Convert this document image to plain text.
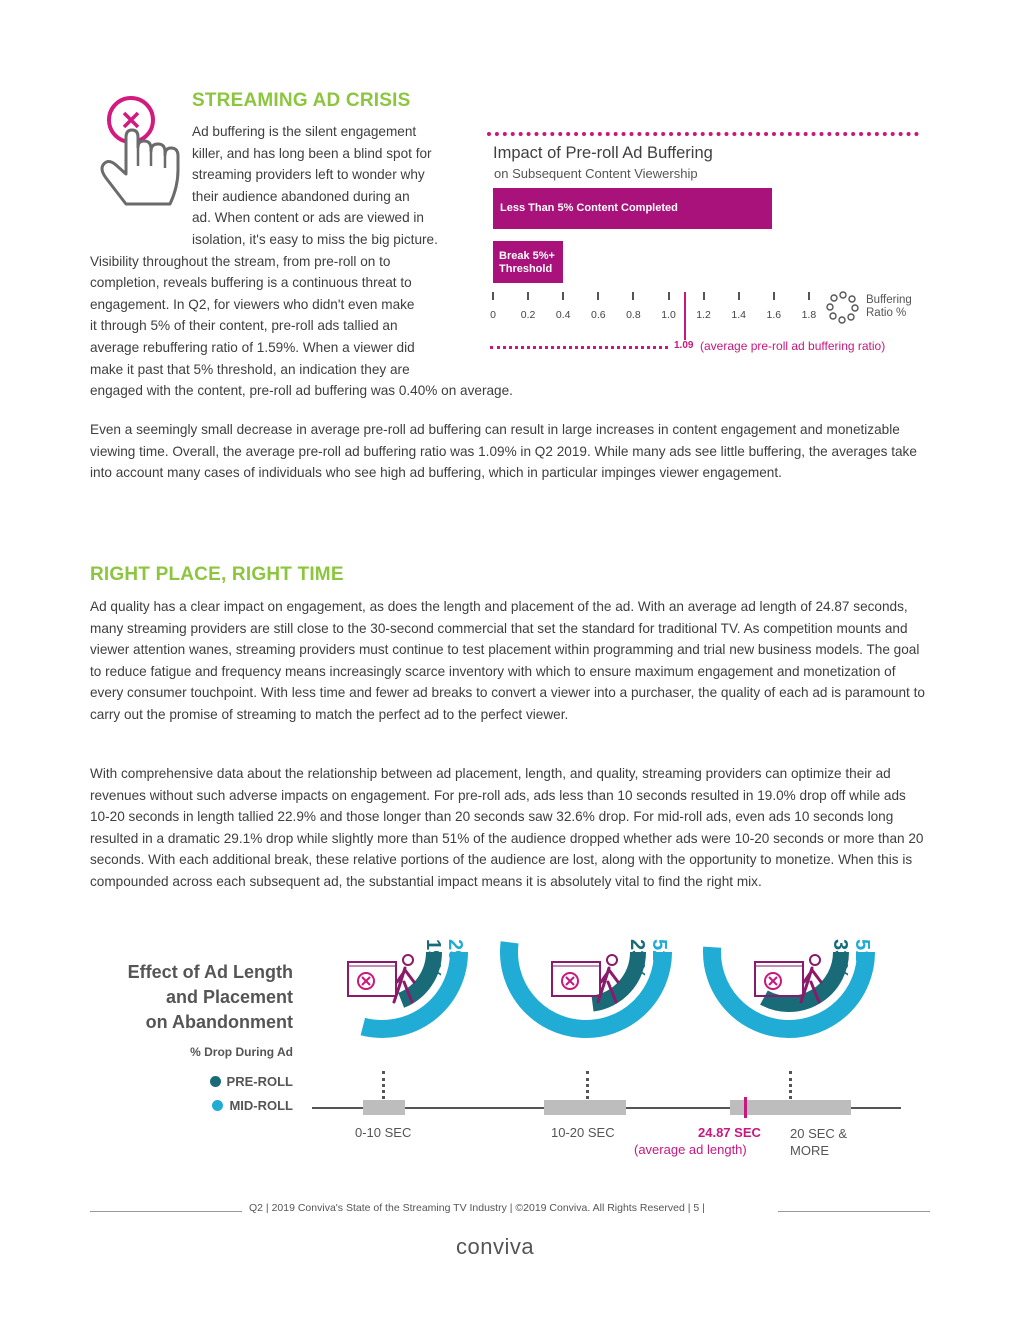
STREAMING AD CRISIS
Ad buffering is the silent engagement
killer, and has long been a blind spot for
streaming providers left to wonder why
their audience abandoned during an
ad. When content or ads are viewed in
isolation, it's easy to miss the big picture.
Visibility throughout the stream, from pre-roll on to
completion, reveals buffering is a continuous threat to
engagement. In Q2, for viewers who didn't even make
it through 5% of their content, pre-roll ads tallied an
average rebuffering ratio of 1.59%. When a viewer did
make it past that 5% threshold, an indication they are
engaged with the content, pre-roll ad buffering was 0.40% on average.
Impact of Pre-roll Ad Buffering
on Subsequent Content Viewership
Less Than 5% Content Completed
Break 5%+
Threshold
0 0.2 0.4 0.6 0.8 1.0 1.2 1.4 1.6 1.8
Buffering
Ratio %
1.09 (average pre-roll ad buffering ratio)

Even a seemingly small decrease in average pre-roll ad buffering can result in large increases in content engagement and monetizable viewing time. Overall, the average pre-roll ad buffering ratio was 1.09% in Q2 2019. While many ads see little buffering, the averages take into account many cases of individuals who see high ad buffering, which in particular impinges viewer engagement.

RIGHT PLACE, RIGHT TIME

Ad quality has a clear impact on engagement, as does the length and placement of the ad. With an average ad length of 24.87 seconds, many streaming providers are still close to the 30-second commercial that set the standard for traditional TV. As competition mounts and viewer attention wanes, streaming providers must continue to test placement within programming and trial new business models. The goal to reduce fatigue and frequency means increasingly scarce inventory with which to ensure maximum engagement and monetization of every consumer touchpoint. With less time and fewer ad breaks to convert a viewer into a purchaser, the quality of each ad is paramount to carry out the promise of streaming to match the perfect ad to the perfect viewer.

With comprehensive data about the relationship between ad placement, length, and quality, streaming providers can optimize their ad revenues without such adverse impacts on engagement. For pre-roll ads, ads less than 10 seconds resulted in 19.0% drop off while ads 10-20 seconds in length tallied 22.9% and those longer than 20 seconds saw 32.6% drop. For mid-roll ads, even ads 10 seconds long resulted in a dramatic 29.1% drop while slightly more than 51% of the audience dropped whether ads were 10-20 seconds or more than 20 seconds. With each additional break, these relative portions of the audience are lost, along with the opportunity to monetize. When this is compounded across each subsequent ad, the substantial impact means it is absolutely vital to find the right mix.

Effect of Ad Length
and Placement
on Abandonment
% Drop During Ad
PRE-ROLL
MID-ROLL
29%
19%	52%
23%	51%
33%
0-10 SEC	10-20 SEC	24.87 SEC
(average ad length)
20 SEC &
MORE
Q2 | 2019 Conviva's State of the Streaming TV Industry | ©2019 Conviva. All Rights Reserved | 5 |
conviva
